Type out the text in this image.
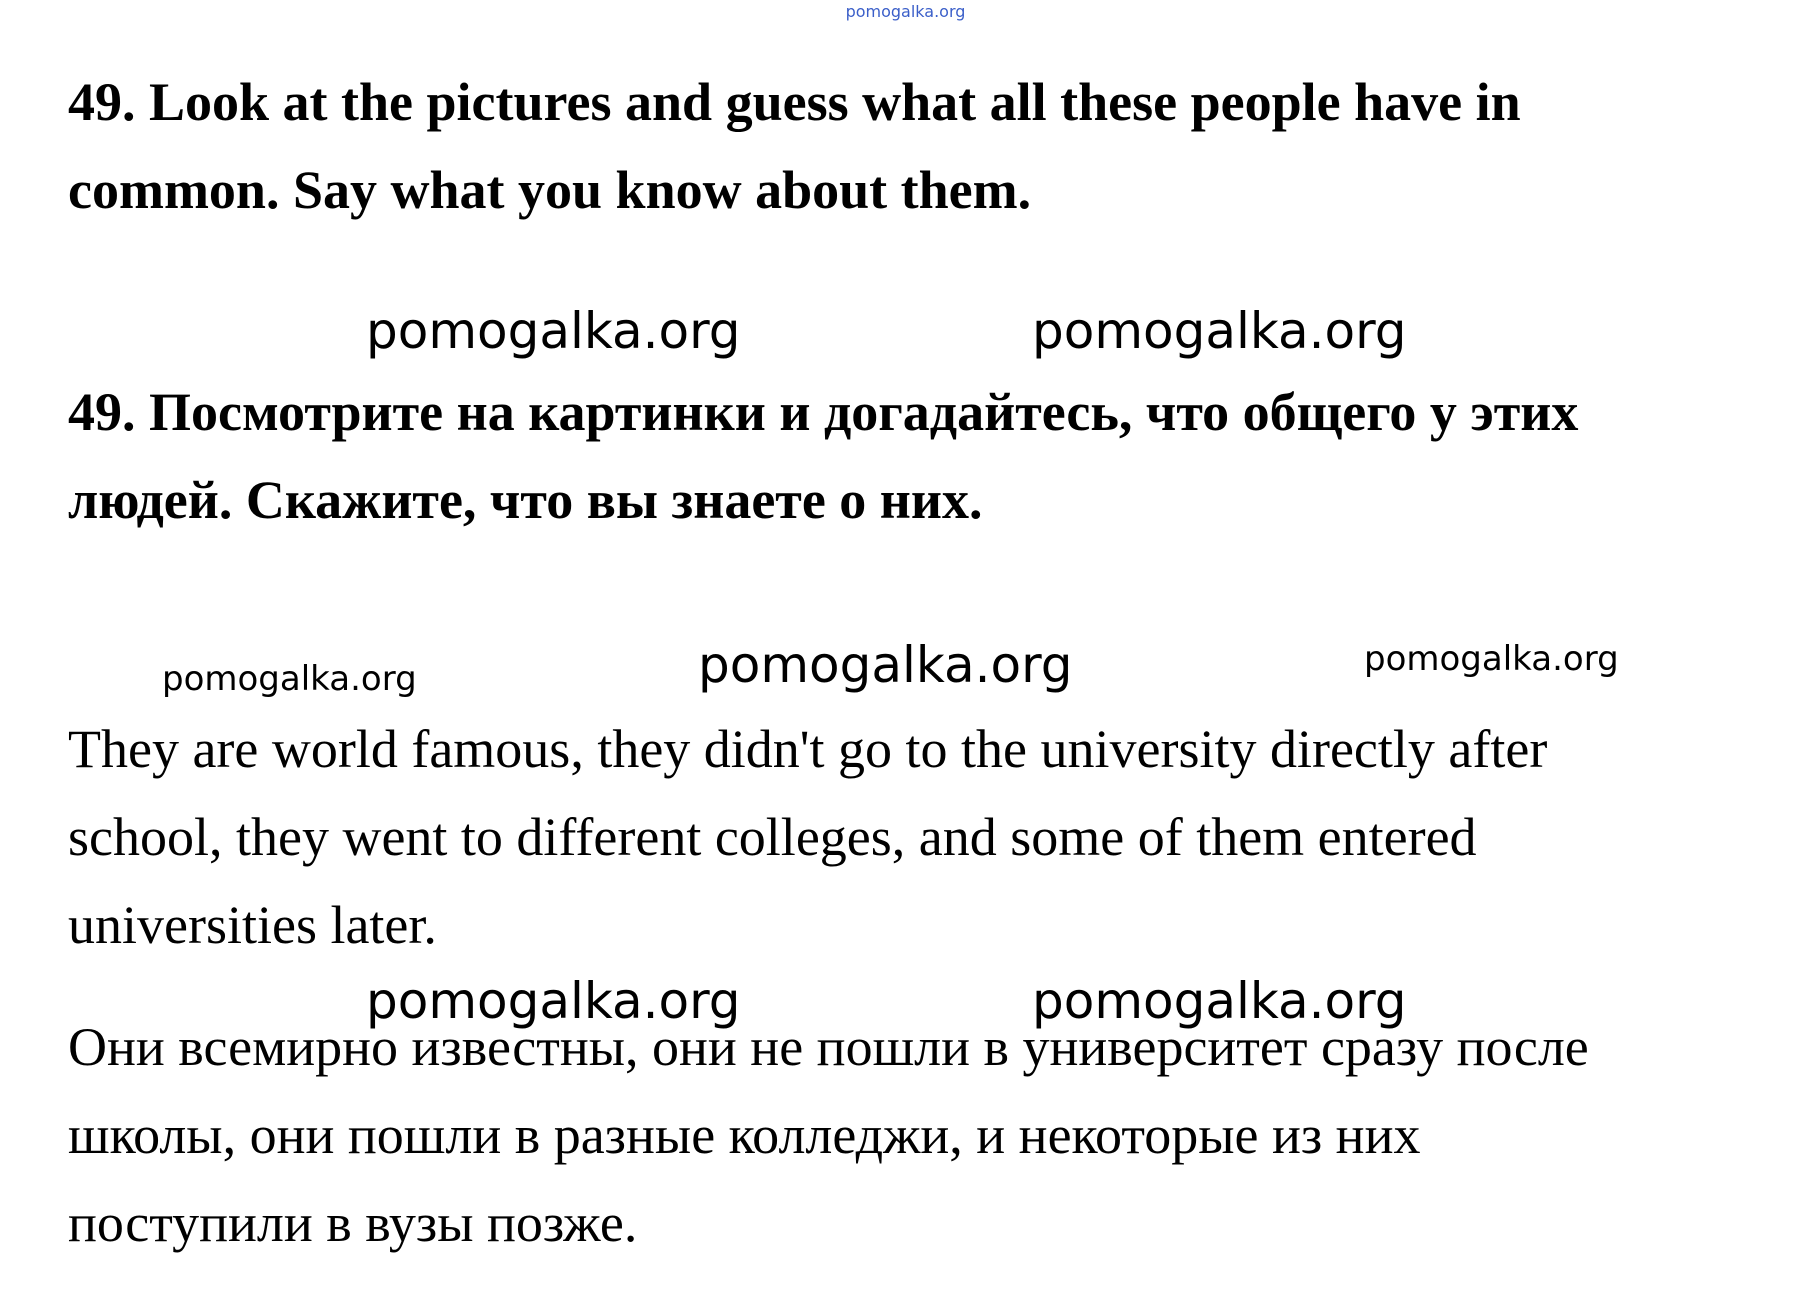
pomogalka.org

49. Look at the pictures and guess what all these people have in
common. Say what you know about them.

pomogalka.org	pomogalka.org

49. Посмотрите на картинки и догадайтесь, что общего у этих
людей. Скажите, что вы знаете о них.

pomogalka.org	pomogalka.org	pomogalka.org

They are world famous, they didn't go to the university directly after
school, they went to different colleges, and some of them entered
universities later.

Они всемирно известны, они не пошли в университет сразу после
школы, они пошли в разные колледжи, и некоторые из них
поступили в вузы позже.

pomogalka.org	pomogalka.org
